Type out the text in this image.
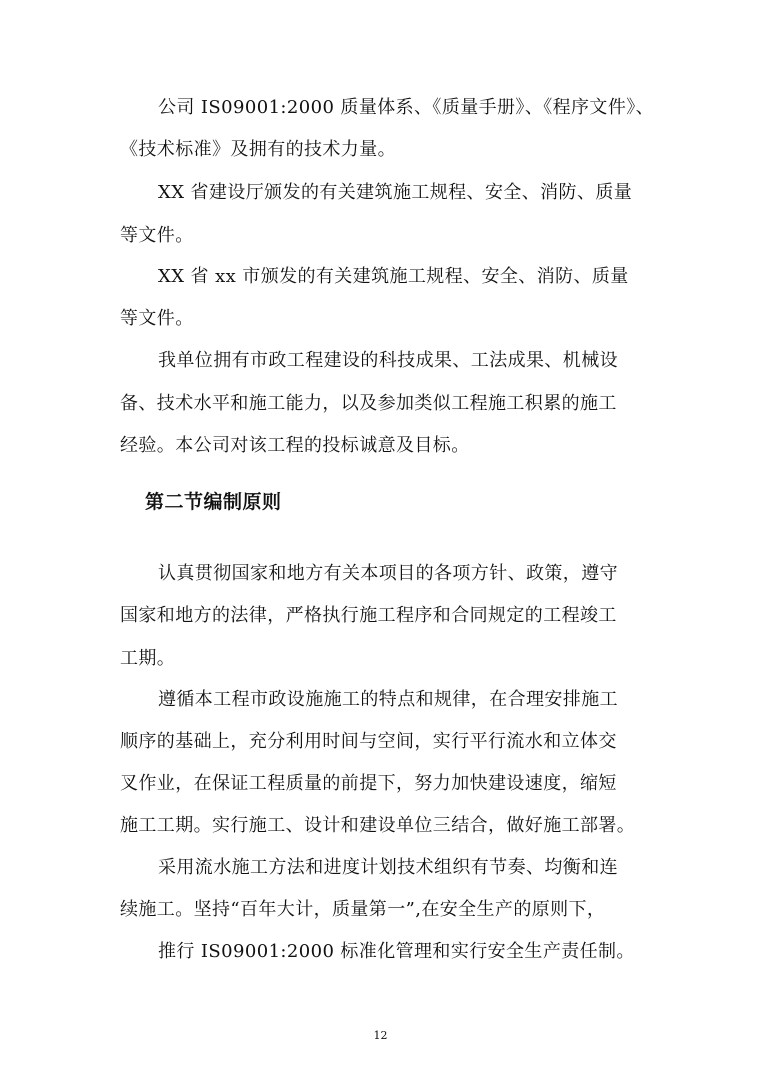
公司 IS09001:2000 质量体系、《质量手册》、《程序文件》、
《技术标准》及拥有的技术力量。
XX 省建设厅颁发的有关建筑施工规程、安全、消防、质量
等文件。
XX 省 xx 市颁发的有关建筑施工规程、安全、消防、质量
等文件。
我单位拥有市政工程建设的科技成果、工法成果、机械设
备、技术水平和施工能力，以及参加类似工程施工积累的施工
经验。本公司对该工程的投标诚意及目标。
第二节编制原则
认真贯彻国家和地方有关本项目的各项方针、政策，遵守
国家和地方的法律，严格执行施工程序和合同规定的工程竣工
工期。
遵循本工程市政设施施工的特点和规律，在合理安排施工
顺序的基础上，充分利用时间与空间，实行平行流水和立体交
叉作业，在保证工程质量的前提下，努力加快建设速度，缩短
施工工期。实行施工、设计和建设单位三结合，做好施工部署。
采用流水施工方法和进度计划技术组织有节奏、均衡和连
续施工。坚持“百年大计，质量第一”,在安全生产的原则下，
推行 IS09001:2000 标准化管理和实行安全生产责任制。
12
